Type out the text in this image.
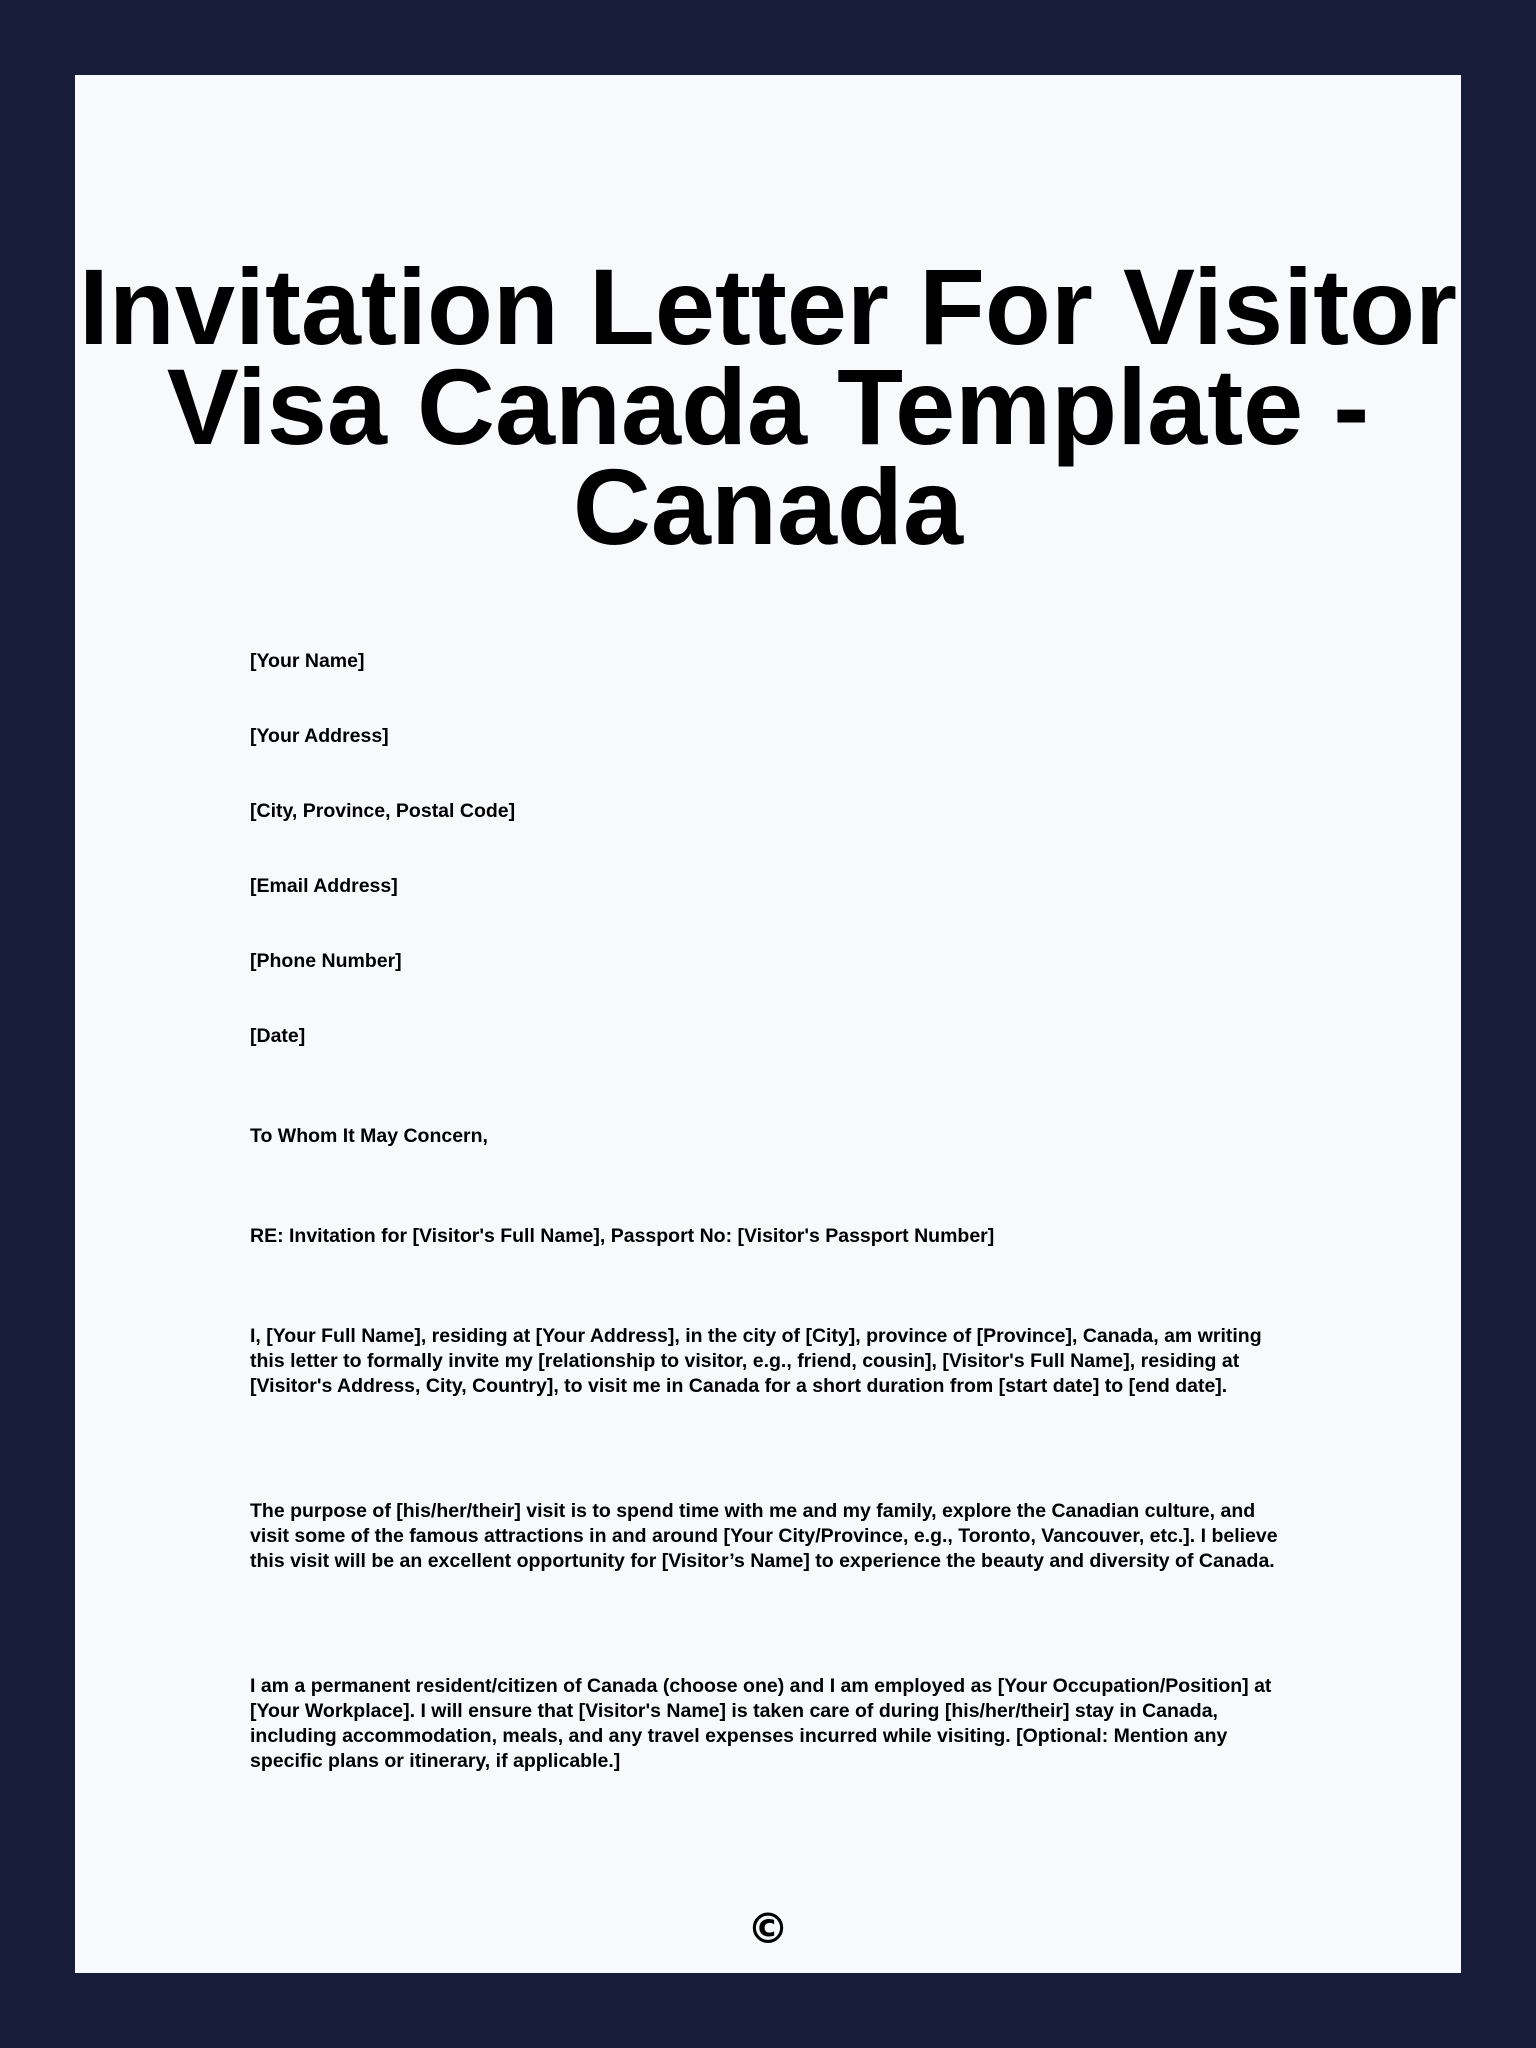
Invitation Letter For Visitor Visa Canada Template - Canada

[Your Name]

[Your Address]

[City, Province, Postal Code]

[Email Address]

[Phone Number]

[Date]

To Whom It May Concern,

RE: Invitation for [Visitor's Full Name], Passport No: [Visitor's Passport Number]

I, [Your Full Name], residing at [Your Address], in the city of [City], province of [Province], Canada, am writing this letter to formally invite my [relationship to visitor, e.g., friend, cousin], [Visitor's Full Name], residing at [Visitor's Address, City, Country], to visit me in Canada for a short duration from [start date] to [end date].

The purpose of [his/her/their] visit is to spend time with me and my family, explore the Canadian culture, and visit some of the famous attractions in and around [Your City/Province, e.g., Toronto, Vancouver, etc.]. I believe this visit will be an excellent opportunity for [Visitor’s Name] to experience the beauty and diversity of Canada.

I am a permanent resident/citizen of Canada (choose one) and I am employed as [Your Occupation/Position] at [Your Workplace]. I will ensure that [Visitor's Name] is taken care of during [his/her/their] stay in Canada, including accommodation, meals, and any travel expenses incurred while visiting. [Optional: Mention any specific plans or itinerary, if applicable.]

©
